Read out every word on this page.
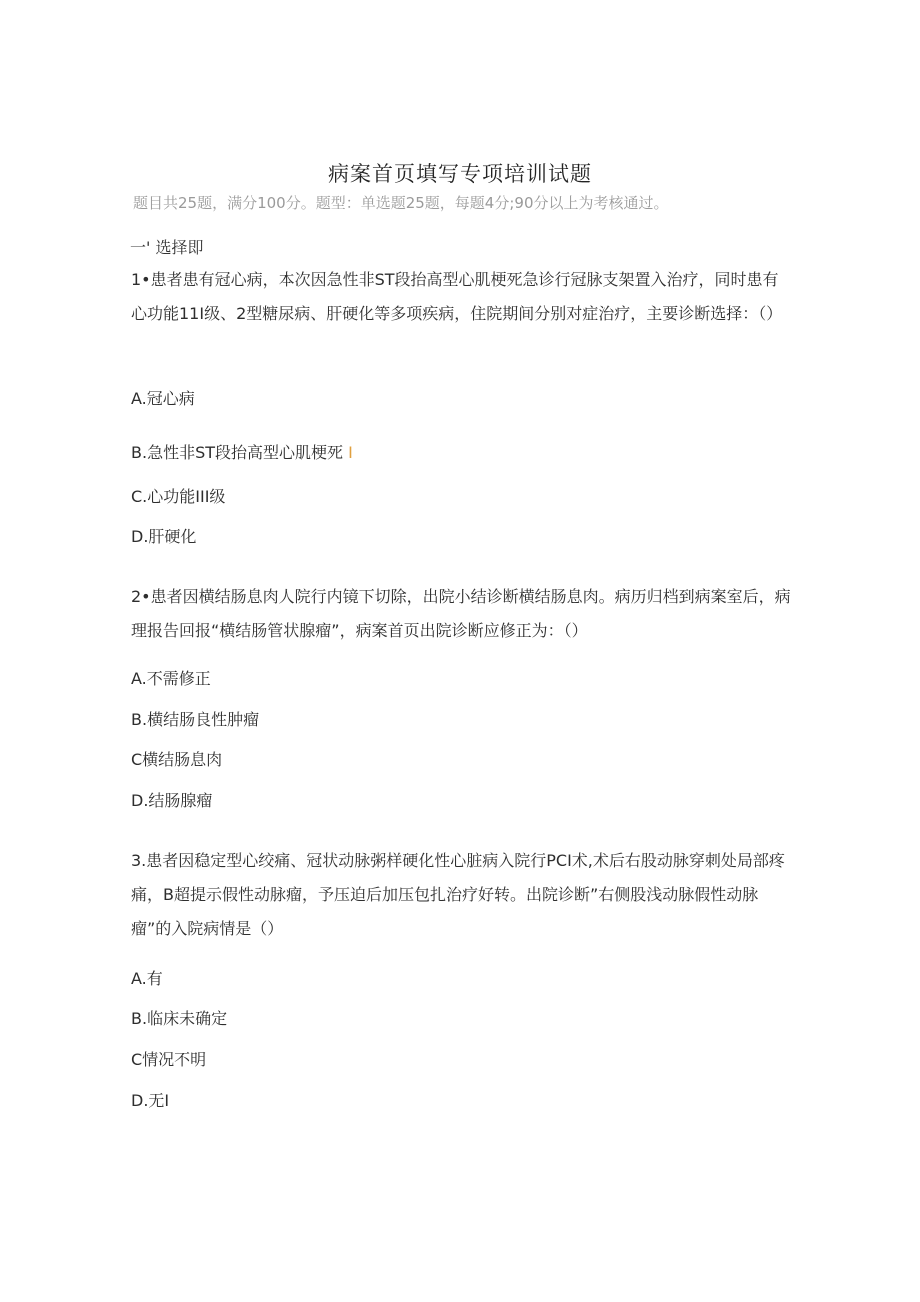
病案首页填写专项培训试题
题目共25题，满分100分。题型：单选题25题，每题4分;90分以上为考核通过。
一' 选择即
1•患者患有冠心病，本次因急性非ST段抬高型心肌梗死急诊行冠脉支架置入治疗，同时患有心功能11I级、2型糖尿病、肝硬化等多项疾病，住院期间分别对症治疗，主要诊断选择：（）
A.冠心病
B.急性非ST段抬高型心肌梗死 I
C.心功能III级
D.肝硬化
2•患者因横结肠息肉人院行内镜下切除，出院小结诊断横结肠息肉。病历归档到病案室后，病理报告回报“横结肠管状腺瘤”，病案首页出院诊断应修正为：（）
A.不需修正
B.横结肠良性肿瘤
C横结肠息肉
D.结肠腺瘤
3.患者因稳定型心绞痛、冠状动脉粥样硬化性心脏病入院行PCI术,术后右股动脉穿刺处局部疼痛，B超提示假性动脉瘤，予压迫后加压包扎治疗好转。出院诊断”右侧股浅动脉假性动脉瘤”的入院病情是（）
A.有
B.临床未确定
C情况不明
D.无I
